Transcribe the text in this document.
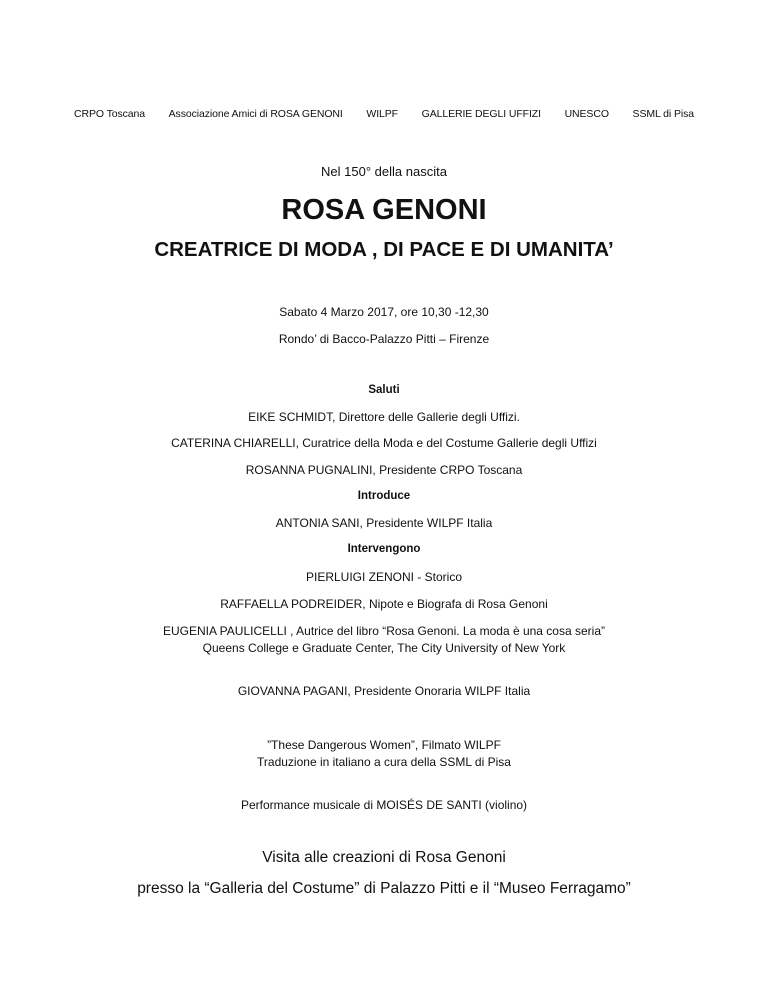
CRPO Toscana Associazione Amici di ROSA GENONI WILPF GALLERIE DEGLI UFFIZI UNESCO SSML di Pisa
Nel 150° della nascita
ROSA GENONI
CREATRICE DI MODA , DI PACE E DI UMANITA’
Sabato 4 Marzo 2017, ore 10,30 -12,30
Rondo’ di Bacco-Palazzo Pitti – Firenze
Saluti
EIKE SCHMIDT, Direttore delle Gallerie degli Uffizi.
CATERINA CHIARELLI, Curatrice della Moda e del Costume Gallerie degli Uffizi
ROSANNA PUGNALINI, Presidente CRPO Toscana
Introduce
ANTONIA SANI, Presidente WILPF Italia
Intervengono
PIERLUIGI ZENONI - Storico
RAFFAELLA PODREIDER, Nipote e Biografa di Rosa Genoni
EUGENIA PAULICELLI , Autrice del libro “Rosa Genoni. La moda è una cosa seria”
Queens College e Graduate Center, The City University of New York
GIOVANNA PAGANI, Presidente Onoraria WILPF Italia
”These Dangerous Women”, Filmato WILPF
Traduzione in italiano a cura della SSML di Pisa
Performance musicale di MOISÉS DE SANTI (violino)
Visita alle creazioni di Rosa Genoni
presso la “Galleria del Costume” di Palazzo Pitti e il “Museo Ferragamo”
